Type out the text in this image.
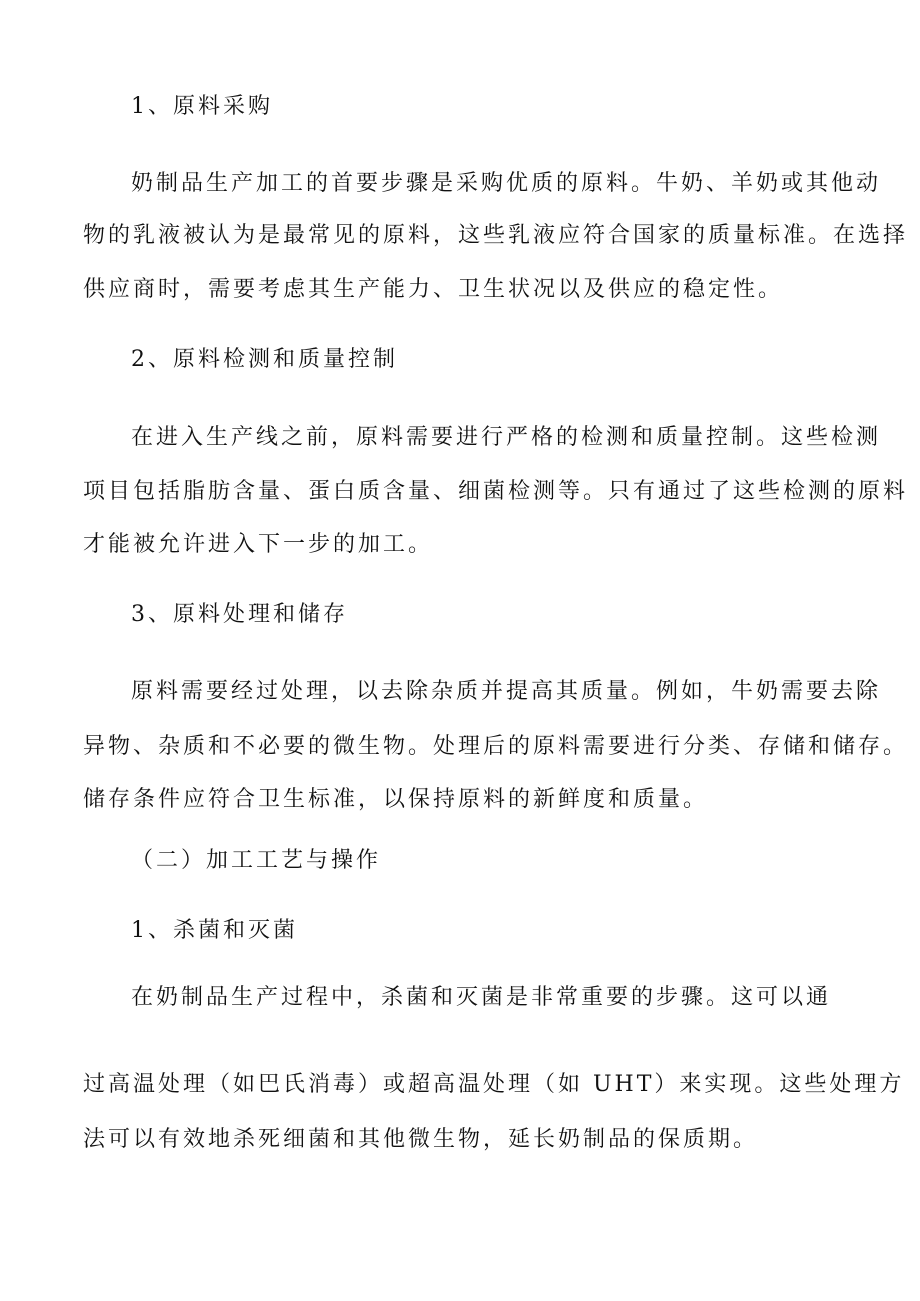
1、原料采购
奶制品生产加工的首要步骤是采购优质的原料。牛奶、羊奶或其他动
物的乳液被认为是最常见的原料，这些乳液应符合国家的质量标准。在选择
供应商时，需要考虑其生产能力、卫生状况以及供应的稳定性。
2、原料检测和质量控制
在进入生产线之前，原料需要进行严格的检测和质量控制。这些检测
项目包括脂肪含量、蛋白质含量、细菌检测等。只有通过了这些检测的原料
才能被允许进入下一步的加工。
3、原料处理和储存
原料需要经过处理，以去除杂质并提高其质量。例如，牛奶需要去除
异物、杂质和不必要的微生物。处理后的原料需要进行分类、存储和储存。
储存条件应符合卫生标准，以保持原料的新鲜度和质量。
（二）加工工艺与操作
1、杀菌和灭菌
在奶制品生产过程中，杀菌和灭菌是非常重要的步骤。这可以通
过高温处理（如巴氏消毒）或超高温处理（如 UHT）来实现。这些处理方
法可以有效地杀死细菌和其他微生物，延长奶制品的保质期。
